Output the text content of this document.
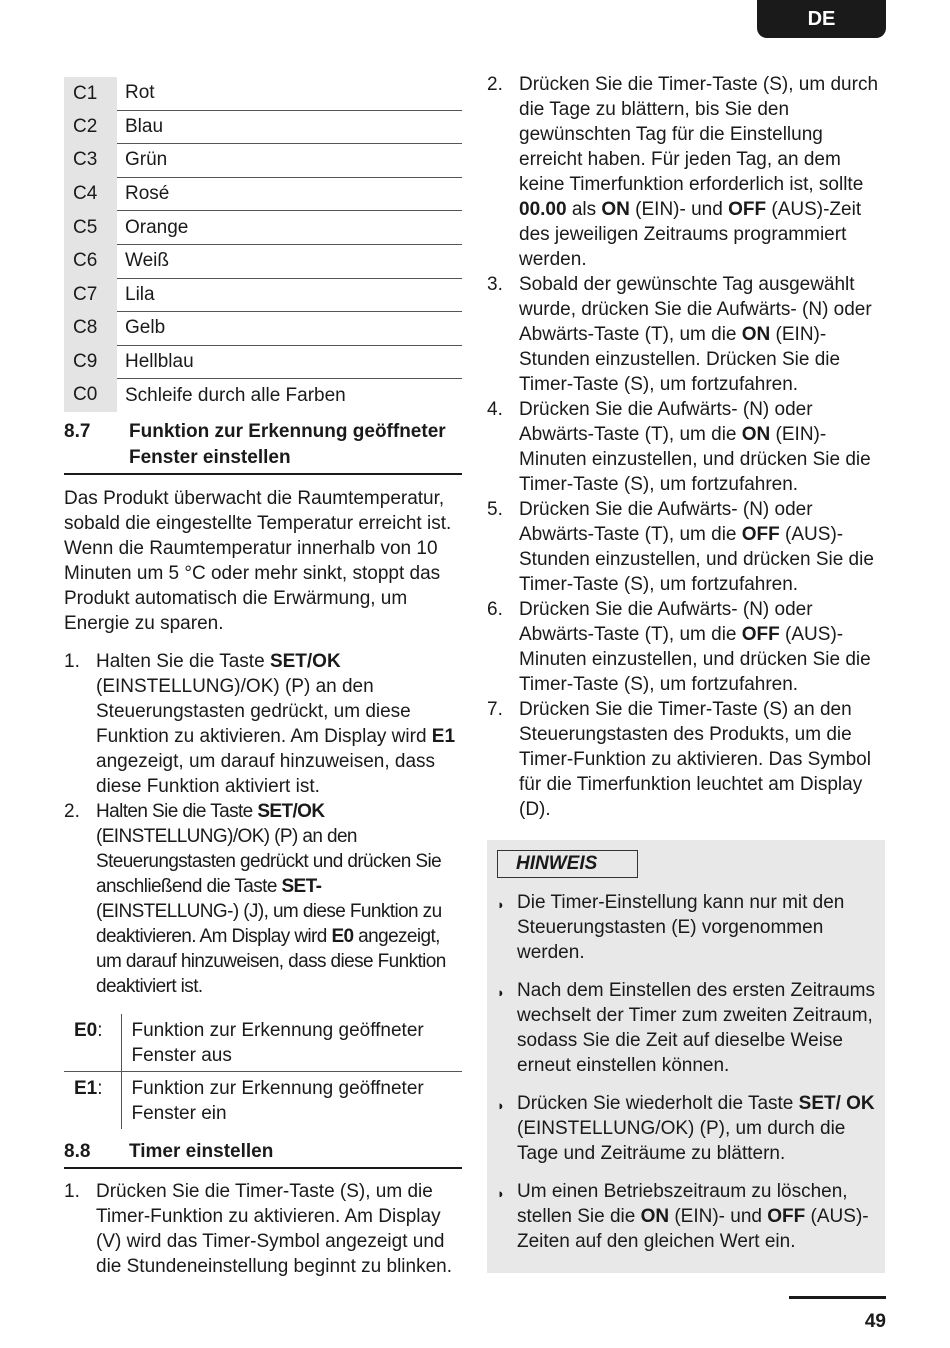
DE
C1	Rot
C2	Blau
C3	Grün
C4	Rosé
C5	Orange
C6	Weiß
C7	Lila
C8	Gelb
C9	Hellblau
C0	Schleife durch alle Farben
8.7	Funktion zur Erkennung geöffneter Fenster einstellen

Das Produkt überwacht die Raumtemperatur, sobald die eingestellte Temperatur erreicht ist. Wenn die Raumtemperatur innerhalb von 10 Minuten um 5 °C oder mehr sinkt, stoppt das Produkt automatisch die Erwärmung, um Energie zu sparen.

1. Halten Sie die Taste SET/OK (EINSTELLUNG)/OK) (P) an den Steuerungstasten gedrückt, um diese Funktion zu aktivieren. Am Display wird E1 angezeigt, um darauf hinzuweisen, dass diese Funktion aktiviert ist.
2. Halten Sie die Taste SET/OK (EINSTELLUNG)/OK) (P) an den Steuerungstasten gedrückt und drücken Sie anschließend die Taste SET- (EINSTELLUNG-) (J), um diese Funktion zu deaktivieren. Am Display wird E0 angezeigt, um darauf hinzuweisen, dass diese Funktion deaktiviert ist.
E0:	Funktion zur Erkennung geöffneter Fenster aus
E1:	Funktion zur Erkennung geöffneter Fenster ein
8.8	Timer einstellen
1. Drücken Sie die Timer-Taste (S), um die Timer-Funktion zu aktivieren. Am Display (V) wird das Timer-Symbol angezeigt und die Stundeneinstellung beginnt zu blinken.
2. Drücken Sie die Timer-Taste (S), um durch die Tage zu blättern, bis Sie den gewünschten Tag für die Einstellung erreicht haben. Für jeden Tag, an dem keine Timerfunktion erforderlich ist, sollte 00.00 als ON (EIN)- und OFF (AUS)-Zeit des jeweiligen Zeitraums programmiert werden.
3. Sobald der gewünschte Tag ausgewählt wurde, drücken Sie die Aufwärts- (N) oder Abwärts-Taste (T), um die ON (EIN)-Stunden einzustellen. Drücken Sie die Timer-Taste (S), um fortzufahren.
4. Drücken Sie die Aufwärts- (N) oder Abwärts-Taste (T), um die ON (EIN)-Minuten einzustellen, und drücken Sie die Timer-Taste (S), um fortzufahren.
5. Drücken Sie die Aufwärts- (N) oder Abwärts-Taste (T), um die OFF (AUS)-Stunden einzustellen, und drücken Sie die Timer-Taste (S), um fortzufahren.
6. Drücken Sie die Aufwärts- (N) oder Abwärts-Taste (T), um die OFF (AUS)-Minuten einzustellen, und drücken Sie die Timer-Taste (S), um fortzufahren.
7. Drücken Sie die Timer-Taste (S) an den Steuerungstasten des Produkts, um die Timer-Funktion zu aktivieren. Das Symbol für die Timerfunktion leuchtet am Display (D).
HINWEIS
◗ Die Timer-Einstellung kann nur mit den Steuerungstasten (E) vorgenommen werden.
◗ Nach dem Einstellen des ersten Zeitraums wechselt der Timer zum zweiten Zeitraum, sodass Sie die Zeit auf dieselbe Weise erneut einstellen können.
◗ Drücken Sie wiederholt die Taste SET/ OK (EINSTELLUNG/OK) (P), um durch die Tage und Zeiträume zu blättern.
◗ Um einen Betriebszeitraum zu löschen, stellen Sie die ON (EIN)- und OFF (AUS)-Zeiten auf den gleichen Wert ein.
49
